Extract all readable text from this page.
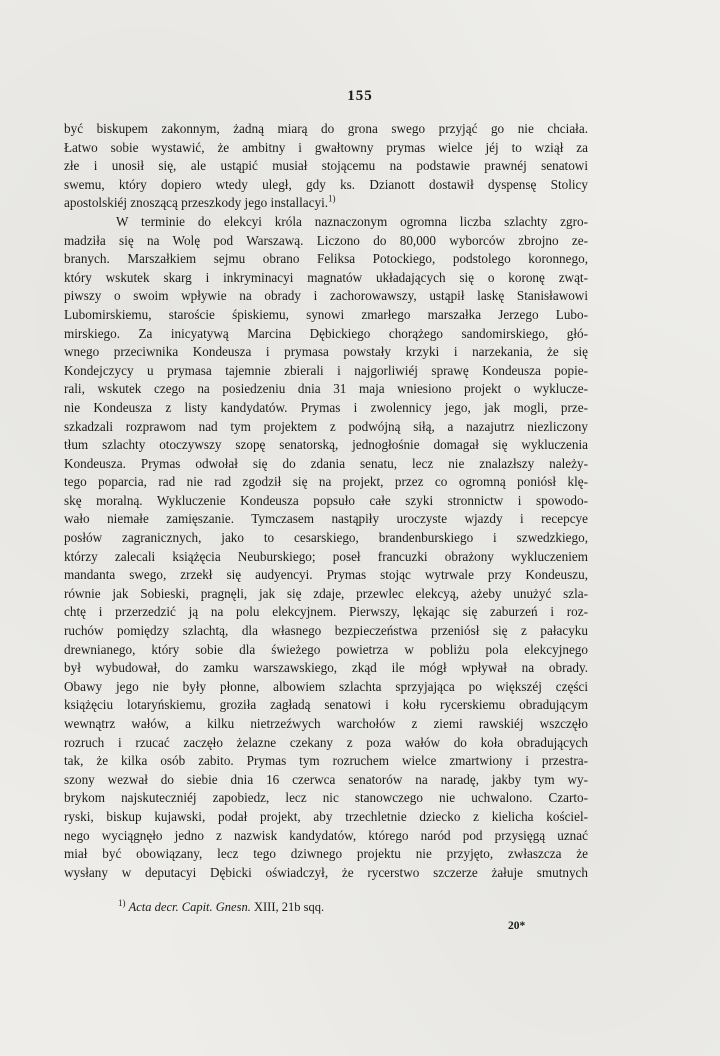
155
być biskupem zakonnym, żadną miarą do grona swego przyjąć go nie chciała.
Łatwo sobie wystawić, że ambitny i gwałtowny prymas wielce jéj to wziął za
złe i unosił się, ale ustąpić musiał stojącemu na podstawie prawnéj senatowi
swemu, który dopiero wtedy uległ, gdy ks. Dzianott dostawił dyspensę Stolicy
apostolskiéj znoszącą przeszkody jego installacyi.$^{1)}$
W terminie do elekcyi króla naznaczonym ogromna liczba szlachty zgro-
madziła się na Wolę pod Warszawą. Liczono do 80,000 wyborców zbrojno ze-
branych. Marszałkiem sejmu obrano Feliksa Potockiego, podstolego koronnego,
który wskutek skarg i inkryminacyi magnatów układających się o koronę zwąt-
piwszy o swoim wpływie na obrady i zachorowawszy, ustąpił laskę Stanisławowi
Lubomirskiemu, staroście śpiskiemu, synowi zmarłego marszałka Jerzego Lubo-
mirskiego. Za inicyatywą Marcina Dębickiego chorążego sandomirskiego, głó-
wnego przeciwnika Kondeusza i prymasa powstały krzyki i narzekania, że się
Kondejczycy u prymasa tajemnie zbierali i najgorliwiéj sprawę Kondeusza popie-
rali, wskutek czego na posiedzeniu dnia 31 maja wniesiono projekt o wyklucze-
nie Kondeusza z listy kandydatów. Prymas i zwolennicy jego, jak mogli, prze-
szkadzali rozprawom nad tym projektem z podwójną siłą, a nazajutrz niezliczony
tłum szlachty otoczywszy szopę senatorską, jednogłośnie domagał się wykluczenia
Kondeusza. Prymas odwołał się do zdania senatu, lecz nie znalazłszy należy-
tego poparcia, rad nie rad zgodził się na projekt, przez co ogromną poniósł klę-
skę moralną. Wykluczenie Kondeusza popsuło całe szyki stronnictw i spowodo-
wało niemałe zamięszanie. Tymczasem nastąpiły uroczyste wjazdy i recepcye
posłów zagranicznych, jako to cesarskiego, brandenburskiego i szwedzkiego,
którzy zalecali książęcia Neuburskiego; poseł francuzki obrażony wykluczeniem
mandanta swego, zrzekł się audyencyi. Prymas stojąc wytrwale przy Kondeuszu,
równie jak Sobieski, pragnęli, jak się zdaje, przewlec elekcyą, ażeby unużyć szla-
chtę i przerzedzić ją na polu elekcyjnem. Pierwszy, lękając się zaburzeń i roz-
ruchów pomiędzy szlachtą, dla własnego bezpieczeństwa przeniósł się z pałacyku
drewnianego, który sobie dla świeżego powietrza w pobliżu pola elekcyjnego
był wybudował, do zamku warszawskiego, zkąd ile mógł wpływał na obrady.
Obawy jego nie były płonne, albowiem szlachta sprzyjająca po większéj części
książęciu lotaryńskiemu, groziła zagładą senatowi i kołu rycerskiemu obradującym
wewnątrz wałów, a kilku nietrzeźwych warchołów z ziemi rawskiéj wszczęło
rozruch i rzucać zaczęło żelazne czekany z poza wałów do koła obradujących
tak, że kilka osób zabito. Prymas tym rozruchem wielce zmartwiony i przestra-
szony wezwał do siebie dnia 16 czerwca senatorów na naradę, jakby tym wy-
brykom najskuteczniéj zapobiedz, lecz nic stanowczego nie uchwalono. Czarto-
ryski, biskup kujawski, podał projekt, aby trzechletnie dziecko z kielicha kościel-
nego wyciągnęło jedno z nazwisk kandydatów, którego naród pod przysięgą uznać
miał być obowiązany, lecz tego dziwnego projektu nie przyjęto, zwłaszcza że
wysłany w deputacyi Dębicki oświadczył, że rycerstwo szczerze żałuje smutnych
$^{1)}$ Acta decr. Capit. Gnesn. XIII, 21b sqq.
20*
